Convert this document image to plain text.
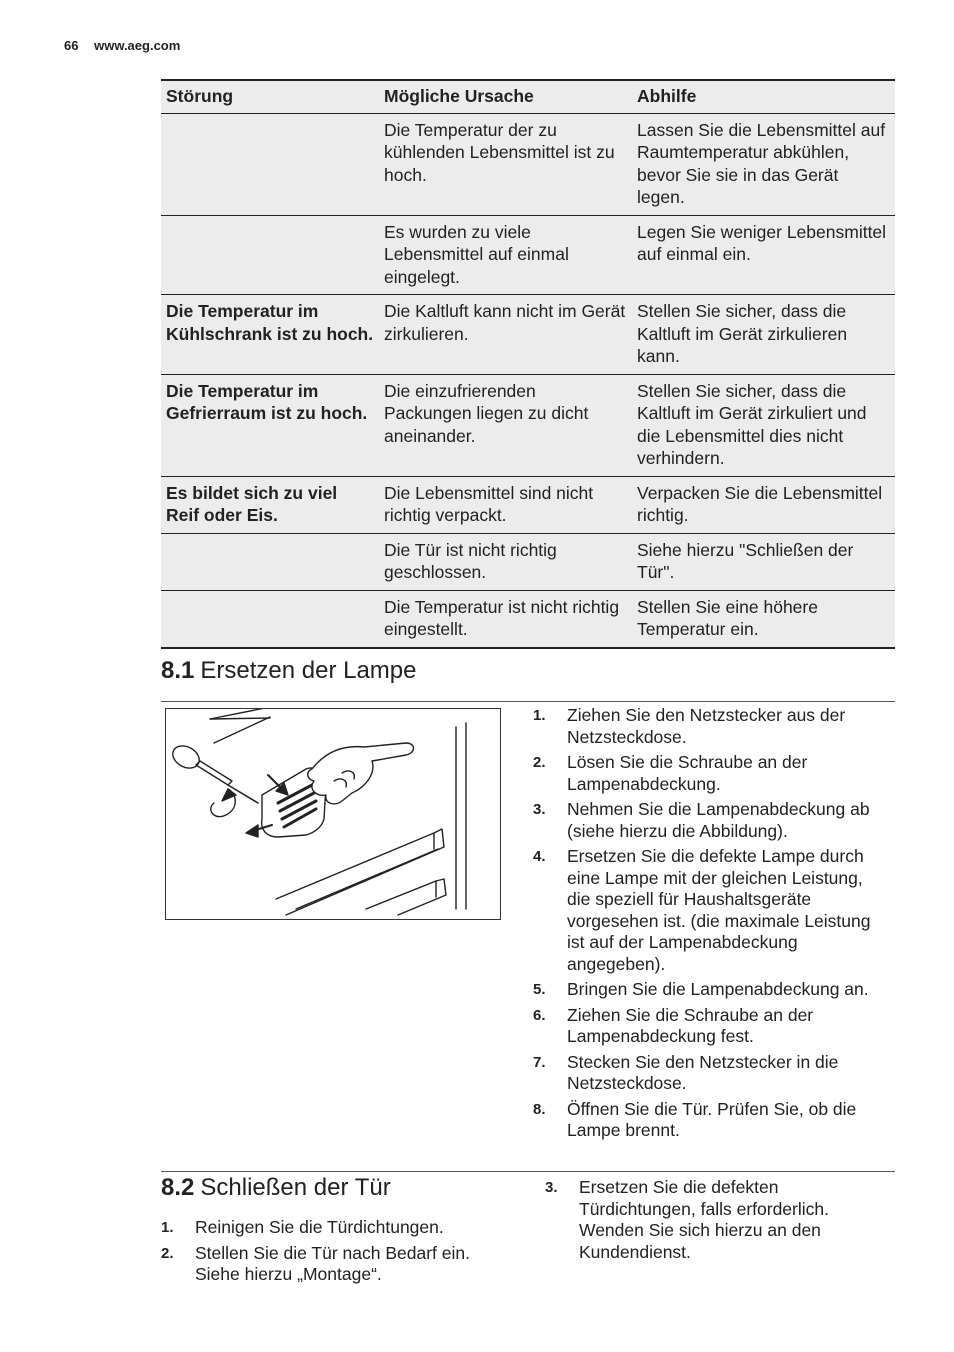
66 www.aeg.com
Störung	Mögliche Ursache	Abhilfe
	Die Temperatur der zu kühlenden Lebensmittel ist zu hoch.	Lassen Sie die Lebensmittel auf Raumtemperatur abkühlen, bevor Sie sie in das Gerät legen.
	Es wurden zu viele Lebensmittel auf einmal eingelegt.	Legen Sie weniger Lebensmittel auf einmal ein.
Die Temperatur im Kühlschrank ist zu hoch.	Die Kaltluft kann nicht im Gerät zirkulieren.	Stellen Sie sicher, dass die Kaltluft im Gerät zirkulieren kann.
Die Temperatur im Gefrierraum ist zu hoch.	Die einzufrierenden Packungen liegen zu dicht aneinander.	Stellen Sie sicher, dass die Kaltluft im Gerät zirkuliert und die Lebensmittel dies nicht verhindern.
Es bildet sich zu viel Reif oder Eis.	Die Lebensmittel sind nicht richtig verpackt.	Verpacken Sie die Lebensmittel richtig.
	Die Tür ist nicht richtig geschlossen.	Siehe hierzu "Schließen der Tür".
	Die Temperatur ist nicht richtig eingestellt.	Stellen Sie eine höhere Temperatur ein.
8.1 Ersetzen der Lampe
1. Ziehen Sie den Netzstecker aus der Netzsteckdose.
2. Lösen Sie die Schraube an der Lampenabdeckung.
3. Nehmen Sie die Lampenabdeckung ab (siehe hierzu die Abbildung).
4. Ersetzen Sie die defekte Lampe durch eine Lampe mit der gleichen Leistung, die speziell für Haushaltsgeräte vorgesehen ist. (die maximale Leistung ist auf der Lampenabdeckung angegeben).
5. Bringen Sie die Lampenabdeckung an.
6. Ziehen Sie die Schraube an der Lampenabdeckung fest.
7. Stecken Sie den Netzstecker in die Netzsteckdose.
8. Öffnen Sie die Tür. Prüfen Sie, ob die Lampe brennt.
8.2 Schließen der Tür
1. Reinigen Sie die Türdichtungen.
2. Stellen Sie die Tür nach Bedarf ein. Siehe hierzu „Montage“.
3. Ersetzen Sie die defekten Türdichtungen, falls erforderlich. Wenden Sie sich hierzu an den Kundendienst.
